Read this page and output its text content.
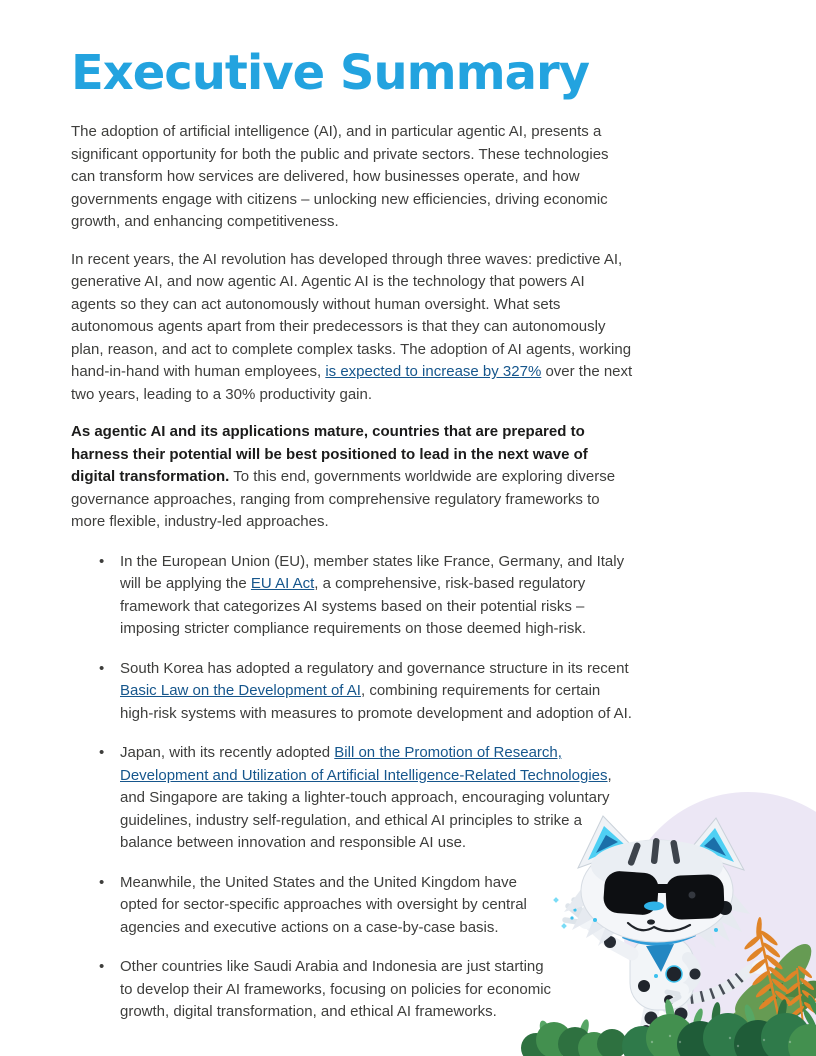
Executive Summary

The adoption of artificial intelligence (AI), and in particular agentic AI, presents a significant opportunity for both the public and private sectors. These technologies can transform how services are delivered, how businesses operate, and how governments engage with citizens – unlocking new efficiencies, driving economic growth, and enhancing competitiveness.

In recent years, the AI revolution has developed through three waves: predictive AI, generative AI, and now agentic AI. Agentic AI is the technology that powers AI agents so they can act autonomously without human oversight. What sets autonomous agents apart from their predecessors is that they can autonomously plan, reason, and act to complete complex tasks. The adoption of AI agents, working hand-in-hand with human employees, is expected to increase by 327% over the next two years, leading to a 30% productivity gain.

As agentic AI and its applications mature, countries that are prepared to harness their potential will be best positioned to lead in the next wave of digital transformation. To this end, governments worldwide are exploring diverse governance approaches, ranging from comprehensive regulatory frameworks to more flexible, industry-led approaches.

• In the European Union (EU), member states like France, Germany, and Italy will be applying the EU AI Act, a comprehensive, risk-based regulatory framework that categorizes AI systems based on their potential risks – imposing stricter compliance requirements on those deemed high-risk.
• South Korea has adopted a regulatory and governance structure in its recent Basic Law on the Development of AI, combining requirements for certain high-risk systems with measures to promote development and adoption of AI.
• Japan, with its recently adopted Bill on the Promotion of Research, Development and Utilization of Artificial Intelligence-Related Technologies, and Singapore are taking a lighter-touch approach, encouraging voluntary guidelines, industry self-regulation, and ethical AI principles to strike a balance between innovation and responsible AI use.
• Meanwhile, the United States and the United Kingdom have opted for sector-specific approaches with oversight by central agencies and executive actions on a case-by-case basis.
• Other countries like Saudi Arabia and Indonesia are just starting to develop their AI frameworks, focusing on policies for economic growth, digital transformation, and ethical AI frameworks.
